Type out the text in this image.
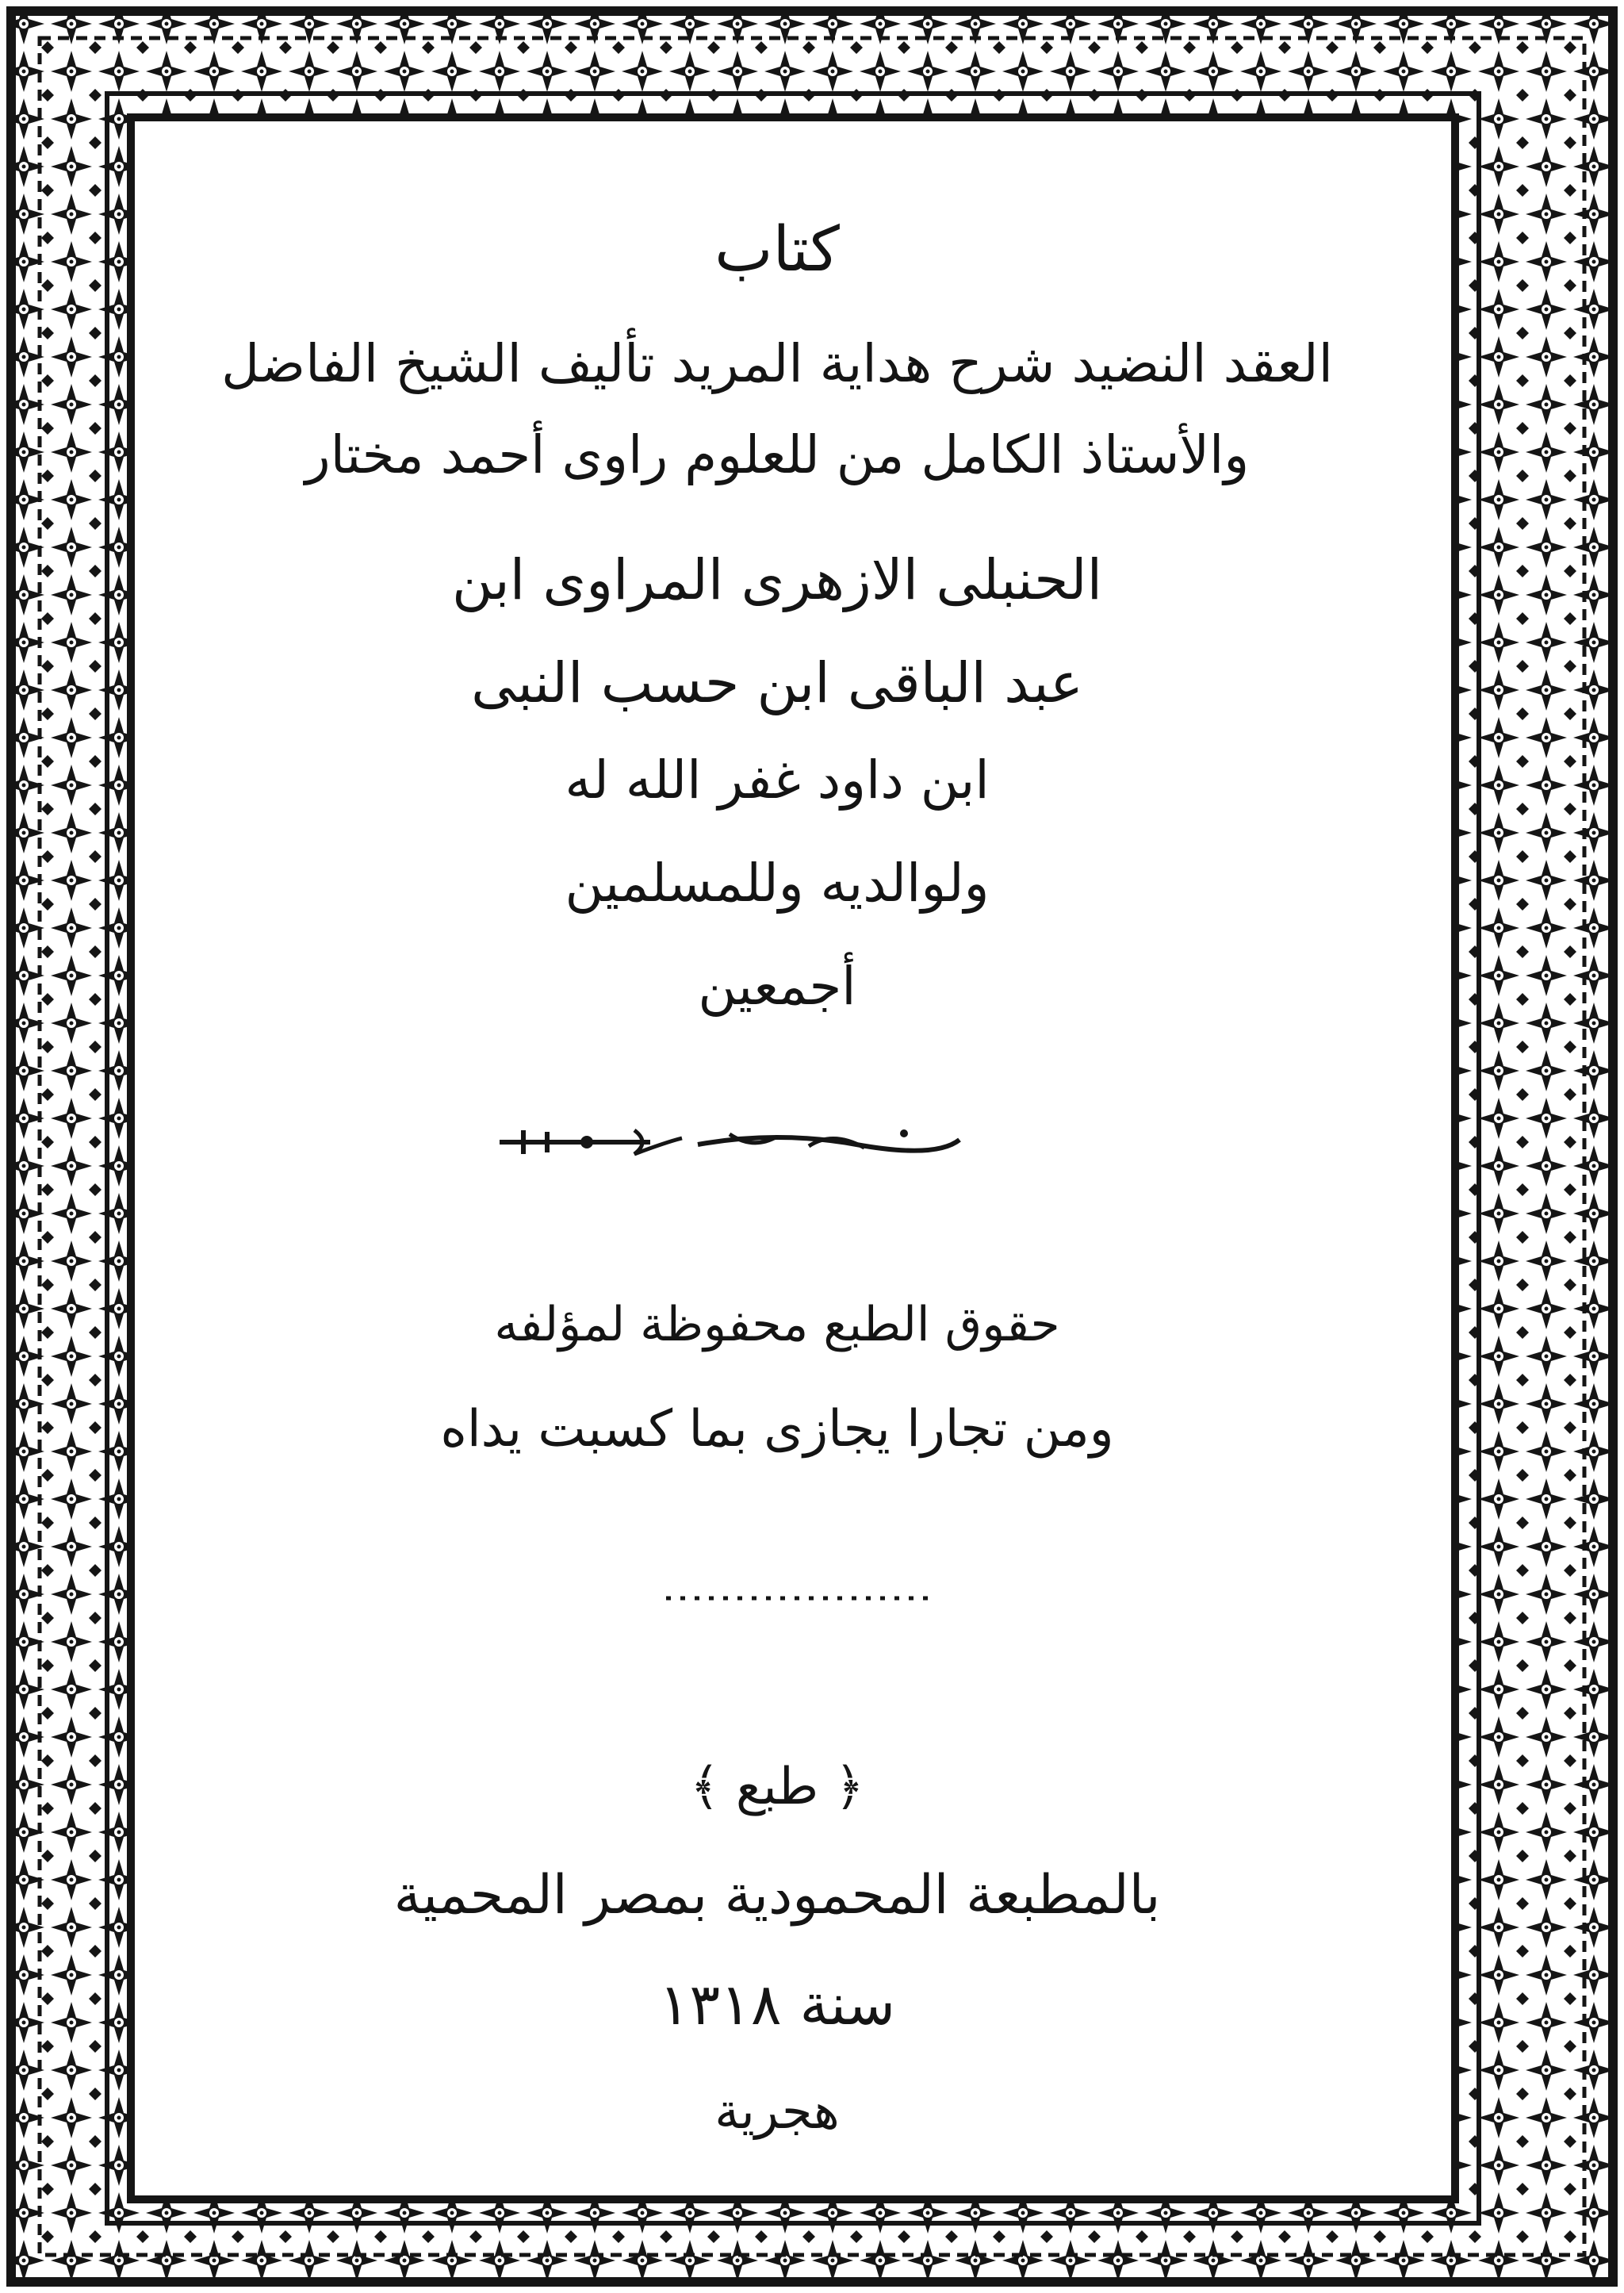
كتاب
العقد النضيد شرح هداية المريد تأليف الشيخ الفاضل
والأستاذ الكامل من للعلوم راوى أحمد مختار
الحنبلى الازهرى المراوى ابن
عبد الباقى ابن حسب النبى
ابن داود غفر الله له
ولوالديه وللمسلمين
أجمعين
حقوق الطبع محفوظة لمؤلفه
ومن تجارا يجازى بما كسبت يداه
﴿ طبع ﴾
بالمطبعة المحمودية بمصر المحمية
سنة ١٣١٨
هجرية
